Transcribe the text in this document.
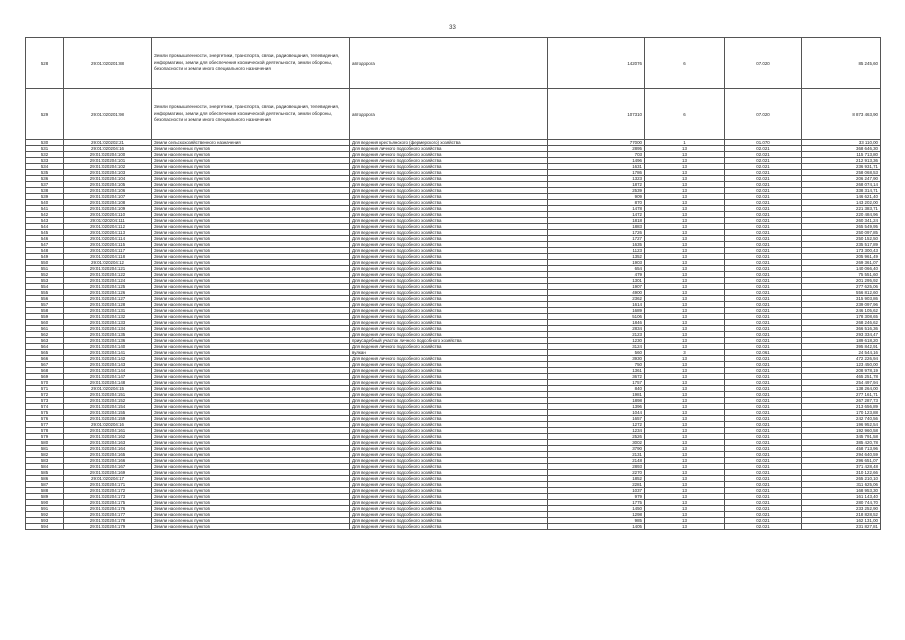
33
528	29:01:020201:88	Земли промышленности, энергетики, транспорта, связи, радиовещания, телевидения, информатики, земли для обеспечения космической деятельности, земли обороны, безопасности и земли иного специального назначения	автодорога	142076	6	07.020	85 245,60
529	29:01:020201:98	Земли промышленности, энергетики, транспорта, связи, радиовещания, телевидения, информатики, земли для обеспечения космической деятельности, земли обороны, безопасности и земли иного специального назначения	автодорога	107310	6	07.020	8 873 463,90
530	29:01:020202:21	Земли сельскохозяйственного назначения	Для ведения крестьянского (фермерского) хозяйства	77000	1	01.070	33 110,00
531	29:01:020204:16	Земли населенных пунктов	Для ведения личного подсобного хозяйства	2895	13	02.021	368 646,30
532	29:01:020204:100	Земли населенных пунктов	Для ведения личного подсобного хозяйства	703	13	02.021	115 713,80
533	29:01:020204:101	Земли населенных пунктов	Для ведения личного подсобного хозяйства	1496	13	02.021	212 913,36
534	29:01:020204:102	Земли населенных пунктов	Для ведения личного подсобного хозяйства	1631	13	02.021	236 931,71
535	29:01:020204:103	Земли населенных пунктов	Для ведения личного подсобного хозяйства	1786	13	02.021	258 068,53
536	29:01:020204:104	Земли населенных пунктов	Для ведения личного подсобного хозяйства	1323	13	02.021	206 247,90
537	29:01:020204:105	Земли населенных пунктов	Для ведения личного подсобного хозяйства	1872	13	02.021	268 074,14
538	29:01:020204:106	Земли населенных пунктов	Для ведения личного подсобного хозяйства	2539	13	02.021	338 314,71
539	29:01:020204:107	Земли населенных пунктов	Для ведения личного подсобного хозяйства	909	13	02.021	146 621,40
540	29:01:020204:108	Земли населенных пунктов	Для ведения личного подсобного хозяйства	870	13	02.021	143 202,00
541	29:01:020204:109	Земли населенных пунктов	Для ведения личного подсобного хозяйства	1478	13	02.021	221 383,71
542	29:01:020204:110	Земли населенных пунктов	Для ведения личного подсобного хозяйства	1472	13	02.021	220 484,96
543	29:01:020204:111	Земли населенных пунктов	Для ведения личного подсобного хозяйства	1818	13	02.021	260 341,24
544	29:01:020204:112	Земли населенных пунктов	Для ведения личного подсобного хозяйства	1883	13	02.021	265 549,95
545	29:01:020204:113	Земли населенных пунктов	Для ведения личного подсобного хозяйства	1726	13	02.021	250 097,85
546	29:01:020204:114	Земли населенных пунктов	Для ведения личного подсобного хозяйства	1727	13	02.021	250 152,50
547	29:01:020204:115	Земли населенных пунктов	Для ведения личного подсобного хозяйства	1635	13	02.021	235 517,89
548	29:01:020204:117	Земли населенных пунктов	Для ведения личного подсобного хозяйства	1123	13	02.021	173 300,43
549	29:01:020204:118	Земли населенных пунктов	Для ведения личного подсобного хозяйства	1352	13	02.021	205 961,49
550	29:01:020204:12	Земли населенных пунктов	Для ведения личного подсобного хозяйства	1903	13	02.021	269 361,07
551	29:01:020204:121	Земли населенных пунктов	Для ведения личного подсобного хозяйства	654	13	02.021	140 066,40
552	29:01:020204:122	Земли населенных пунктов	Для ведения личного подсобного хозяйства	479	13	02.021	75 551,60
553	29:01:020204:124	Земли населенных пунктов	Для ведения личного подсобного хозяйства	1301	13	02.021	201 295,92
554	29:01:020204:125	Земли населенных пунктов	Для ведения личного подсобного хозяйства	1907	13	02.021	277 625,06
555	29:01:020204:126	Земли населенных пунктов	Для ведения личного подсобного хозяйства	4900	13	02.021	556 812,60
556	29:01:020204:127	Земли населенных пунктов	Для ведения личного подсобного хозяйства	2362	13	02.021	315 903,86
557	29:01:020204:128	Земли населенных пунктов	Для ведения личного подсобного хозяйства	1614	13	02.021	239 097,96
558	29:01:020204:131	Земли населенных пунктов	Для ведения личного подсобного хозяйства	1689	13	02.021	246 105,62
559	29:01:020204:132	Земли населенных пунктов	Для ведения личного подсобного хозяйства	5106	13	02.021	178 308,65
560	29:01:020204:133	Земли населенных пунктов	Для ведения личного подсобного хозяйства	1846	13	02.021	268 246,62
561	29:01:020204:134	Земли населенных пунктов	Для ведения личного подсобного хозяйства	2834	13	02.021	366 516,36
562	29:01:020204:135	Земли населенных пунктов	Для ведения личного подсобного хозяйства	2123	13	02.021	293 334,47
563	29:01:020204:136	Земли населенных пунктов	приусадебный участок личного подсобного хозяйства	1230	13	02.021	189 618,20
564	29:01:020204:140	Земли населенных пунктов	Для ведения личного подсобного хозяйства	3124	13	02.021	395 842,91
565	29:01:020204:141	Земли населенных пунктов	вулкан	560	3	02.061	24 544,16
566	29:01:020204:142	Земли населенных пунктов	Для ведения личного подсобного хозяйства	3930	13	02.021	472 226,94
567	29:01:020204:143	Земли населенных пунктов	Для ведения личного подсобного хозяйства	750	13	02.021	123 450,00
568	29:01:020204:144	Земли населенных пунктов	Для ведения личного подсобного хозяйства	1361	13	02.021	208 978,19
569	29:01:020204:147	Земли населенных пунктов	Для ведения личного подсобного хозяйства	3672	13	02.021	465 251,78
570	29:01:020204:148	Земли населенных пунктов	Для ведения личного подсобного хозяйства	1757	13	02.021	254 497,94
571	29:01:020204:15	Земли населенных пунктов	Для ведения личного подсобного хозяйства	840	13	02.021	138 264,00
572	29:01:020204:151	Земли населенных пунктов	Для ведения личного подсобного хозяйства	1981	13	02.021	277 161,71
573	29:01:020204:152	Земли населенных пунктов	Для ведения личного подсобного хозяйства	1898	13	02.021	267 287,73
574	29:01:020204:154	Земли населенных пунктов	Для ведения личного подсобного хозяйства	1396	13	02.021	213 656,89
575	29:01:020204:155	Земли населенных пунктов	Для ведения личного подсобного хозяйства	1044	13	02.021	170 123,88
576	29:01:020204:159	Земли населенных пунктов	Для ведения личного подсобного хозяйства	1657	13	02.021	242 740,56
577	29:01:020204:16	Земли населенных пунктов	Для ведения личного подсобного хозяйства	1272	13	02.021	196 952,54
578	29:01:020204:161	Земли населенных пунктов	Для ведения личного подсобного хозяйства	1234	13	02.021	192 960,58
579	29:01:020204:162	Земли населенных пунктов	Для ведения личного подсобного хозяйства	2526	13	02.021	345 791,58
580	29:01:020204:163	Земли населенных пунктов	Для ведения личного подсобного хозяйства	3002	13	02.021	385 420,78
581	29:01:020204:164	Земли населенных пунктов	Для ведения личного подсобного хозяйства	3790	13	02.021	458 713,96
582	29:01:020204:165	Земли населенных пунктов	Для ведения личного подсобного хозяйства	2131	13	02.021	294 640,59
583	29:01:020204:166	Земли населенных пунктов	Для ведения личного подсобного хозяйства	2148	13	02.021	296 651,07
584	29:01:020204:167	Земли населенных пунктов	Для ведения личного подсобного хозяйства	2893	13	02.021	371 428,48
585	29:01:020204:169	Земли населенных пунктов	Для ведения личного подсобного хозяйства	2270	13	02.021	310 122,66
586	29:01:020204:17	Земли населенных пунктов	Для ведения личного подсобного хозяйства	1852	13	02.021	265 210,10
587	29:01:020204:171	Земли населенных пунктов	Для ведения личного подсобного хозяйства	2281	13	02.021	311 625,06
588	29:01:020204:172	Земли населенных пунктов	Для ведения личного подсобного хозяйства	1037	13	02.021	168 953,30
589	29:01:020204:173	Земли населенных пунктов	Для ведения личного подсобного хозяйства	979	13	02.021	161 143,40
590	29:01:020204:175	Земли населенных пунктов	Для ведения личного подсобного хозяйства	1775	13	02.021	280 744,70
591	29:01:020204:176	Земли населенных пунктов	Для ведения личного подсобного хозяйства	1450	13	02.021	233 252,90
592	29:01:020204:177	Земли населенных пунктов	Для ведения личного подсобного хозяйства	1298	13	02.021	218 828,52
593	29:01:020204:178	Земли населенных пунктов	Для ведения личного подсобного хозяйства	985	13	02.021	162 131,00
594	29:01:020204:179	Земли населенных пунктов	Для ведения личного подсобного хозяйства	1405	13	02.021	231 827,81
